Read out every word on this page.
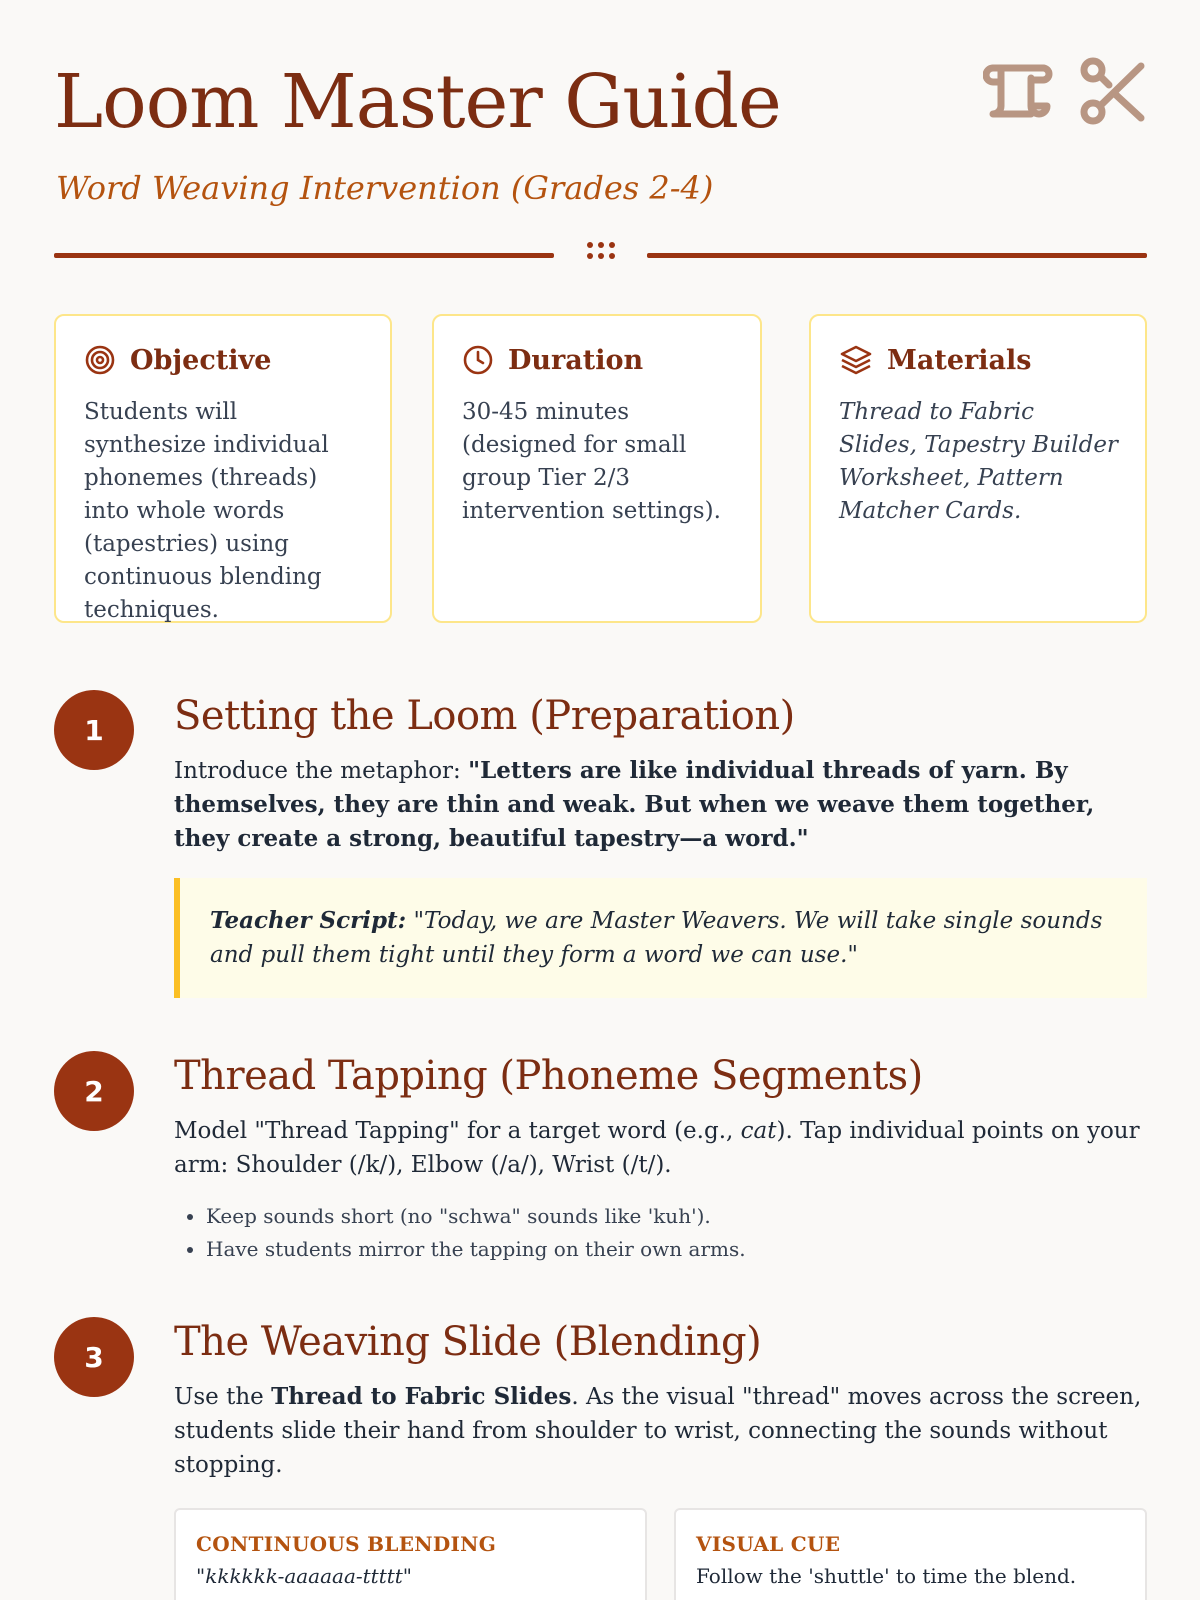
Loom Master Guide
Word Weaving Intervention (Grades 2-4)
Objective
Students will synthesize individual phonemes (threads) into whole words (tapestries) using continuous blending techniques.
Duration
30-45 minutes (designed for small group Tier 2/3 intervention settings).
Materials
Thread to Fabric Slides, Tapestry Builder Worksheet, Pattern Matcher Cards.
1	Setting the Loom (Preparation)

Introduce the metaphor: "Letters are like individual threads of yarn. By themselves, they are thin and weak. But when we weave them together, they create a strong, beautiful tapestry—a word."

Teacher Script: "Today, we are Master Weavers. We will take single sounds and pull them tight until they form a word we can use."
2	Thread Tapping (Phoneme Segments)

Model "Thread Tapping" for a target word (e.g., cat). Tap individual points on your arm: Shoulder (/k/), Elbow (/a/), Wrist (/t/).

• Keep sounds short (no "schwa" sounds like 'kuh').
• Have students mirror the tapping on their own arms.
3	The Weaving Slide (Blending)

Use the Thread to Fabric Slides. As the visual "thread" moves across the screen, students slide their hand from shoulder to wrist, connecting the sounds without stopping.

CONTINUOUS BLENDING
"kkkkkk-aaaaaa-ttttt"
VISUAL CUE
Follow the 'shuttle' to time the blend.
